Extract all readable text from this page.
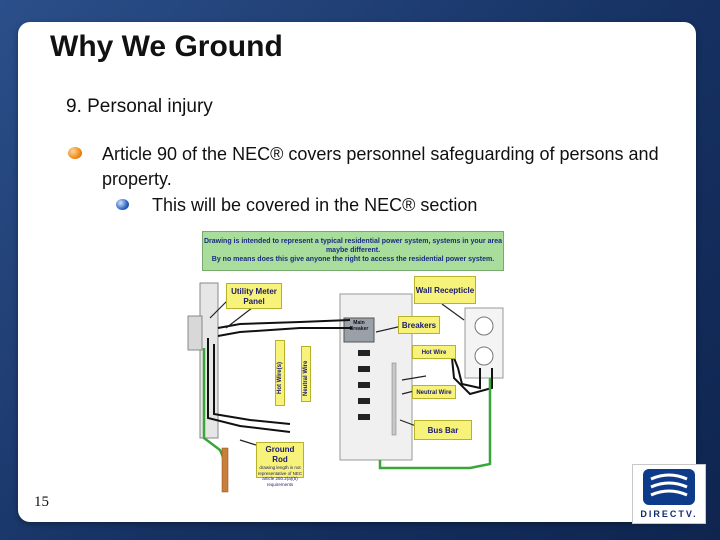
Why We Ground
9. Personal injury
Article 90 of the NEC® covers personnel safeguarding of persons and property.
This will be covered in the NEC® section
Drawing is intended to represent a typical residential power system, systems in your area
maybe different.
By no means does this give anyone the right to access the residential power system.
Utility Meter Panel
Wall Recepticle
Breakers
Hot Wire
Neutral Wire
Bus Bar
Ground Rod
drawing length is not representative of NEC article 250.2(a)(5) requirements
Main Breaker
Hot Wire(s)	Neutral Wire
15
DIRECTV.
